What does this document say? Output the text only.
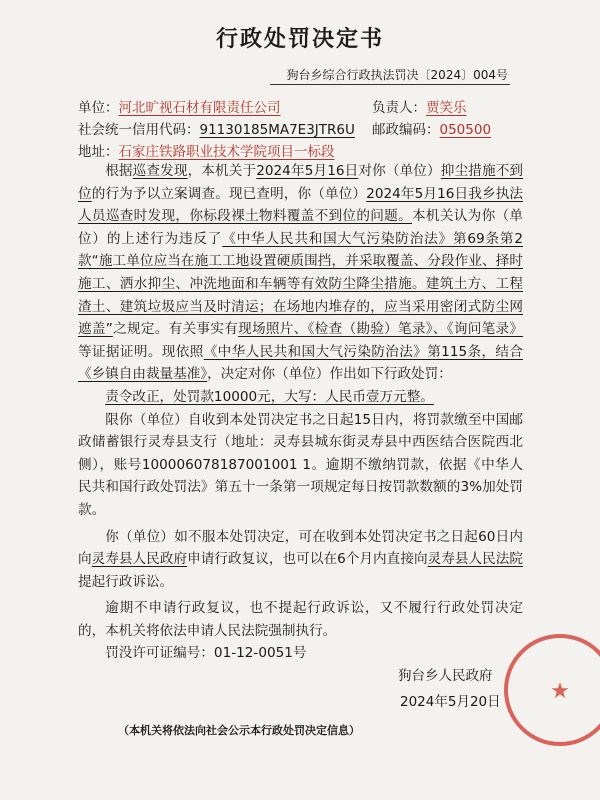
行政处罚决定书
狗台乡综合行政执法罚决〔2024〕004号
单位：河北旷视石材有限责任公司	负责人：贾笑乐
社会统一信用代码：91130185MA7E3JTR6U 邮政编码：050500
地址：石家庄铁路职业技术学院项目一标段

根据巡查发现，本机关于2024年5月16日对你（单位）抑尘措施不到位的行为予以立案调查。现已查明，你（单位）2024年5月16日我乡执法人员巡查时发现，你标段裸土物料覆盖不到位的问题。本机关认为你（单位）的上述行为违反了《中华人民共和国大气污染防治法》第69条第2款“施工单位应当在施工工地设置硬质围挡，并采取覆盖、分段作业、择时施工、洒水抑尘、冲洗地面和车辆等有效防尘降尘措施。建筑土方、工程渣土、建筑垃圾应当及时清运；在场地内堆存的，应当采用密闭式防尘网遮盖”之规定。有关事实有现场照片、《检查（勘验）笔录》、《询问笔录》等证据证明。现依照《中华人民共和国大气污染防治法》第115条，结合《乡镇自由裁量基准》，决定对你（单位）作出如下行政处罚：

责令改正，处罚款10000元，大写：人民币壹万元整。

限你（单位）自收到本处罚决定书之日起15日内，将罚款缴至中国邮政储蓄银行灵寿县支行（地址：灵寿县城东街灵寿县中西医结合医院西北侧），账号100006078187001001 1。逾期不缴纳罚款，依据《中华人民共和国行政处罚法》第五十一条第一项规定每日按罚款数额的3%加处罚款。

你（单位）如不服本处罚决定，可在收到本处罚决定书之日起60日内向灵寿县人民政府申请行政复议，也可以在6个月内直接向灵寿县人民法院提起行政诉讼。

逾期不申请行政复议，也不提起行政诉讼，又不履行行政处罚决定的，本机关将依法申请人民法院强制执行。

罚没许可证编号：01-12-0051号

狗台乡人民政府
2024年5月20日 ★
（本机关将依法向社会公示本行政处罚决定信息）
